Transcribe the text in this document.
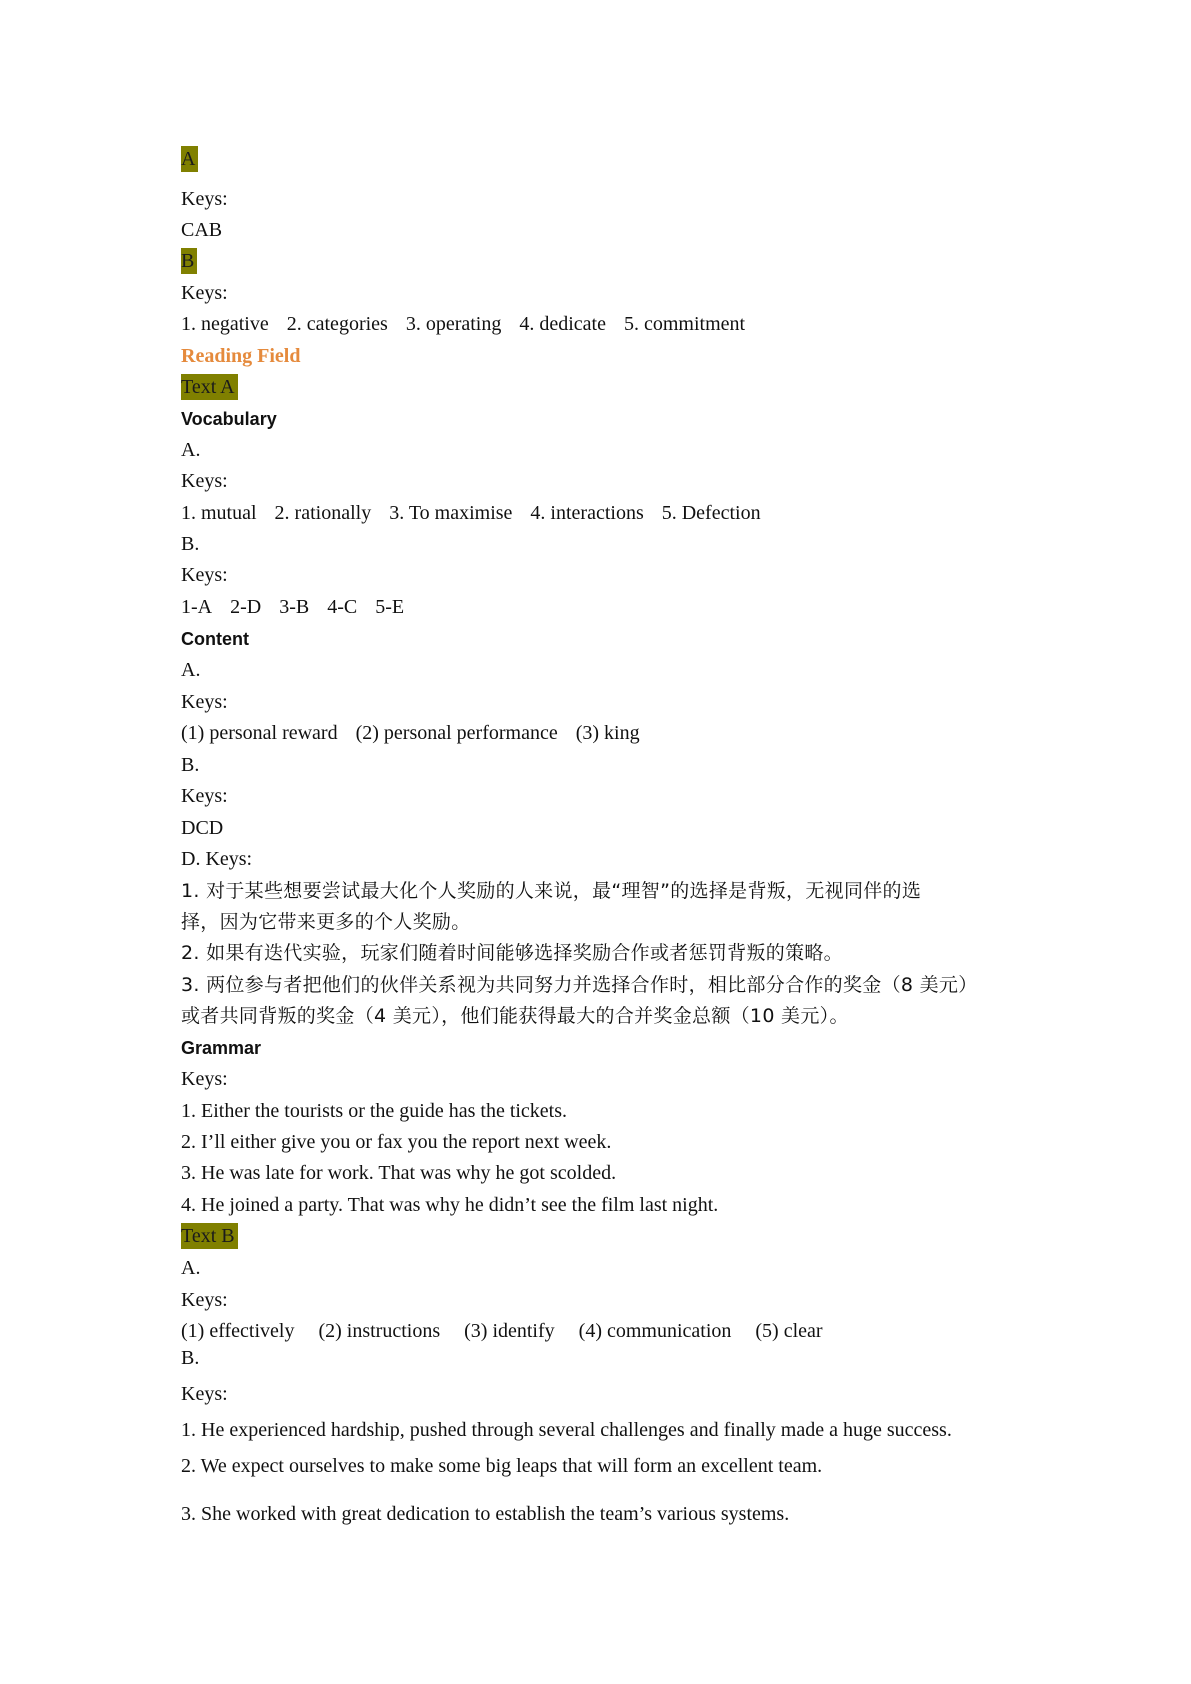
A
Keys:
CAB
B
Keys:
1. negative 2. categories 3. operating 4. dedicate 5. commitment
Reading Field
Text A
Vocabulary
A.
Keys:
1. mutual 2. rationally 3. To maximise 4. interactions 5. Defection
B.
Keys:
1-A 2-D 3-B 4-C 5-E
Content
A.
Keys:
(1) personal reward (2) personal performance (3) king
B.
Keys:
DCD
D. Keys:
1. 对于某些想要尝试最大化个人奖励的人来说，最“理智”的选择是背叛，无视同伴的选
择，因为它带来更多的个人奖励。
2. 如果有迭代实验，玩家们随着时间能够选择奖励合作或者惩罚背叛的策略。
3. 两位参与者把他们的伙伴关系视为共同努力并选择合作时，相比部分合作的奖金（8 美元）
或者共同背叛的奖金（4 美元），他们能获得最大的合并奖金总额（10 美元）。
Grammar
Keys:
1. Either the tourists or the guide has the tickets.
2. I’ll either give you or fax you the report next week.
3. He was late for work. That was why he got scolded.
4. He joined a party. That was why he didn’t see the film last night.
Text B
A.
Keys:
(1) effectively (2) instructions (3) identify (4) communication (5) clear
B.
Keys:
1. He experienced hardship, pushed through several challenges and finally made a huge success.
2. We expect ourselves to make some big leaps that will form an excellent team.
3. She worked with great dedication to establish the team’s various systems.
